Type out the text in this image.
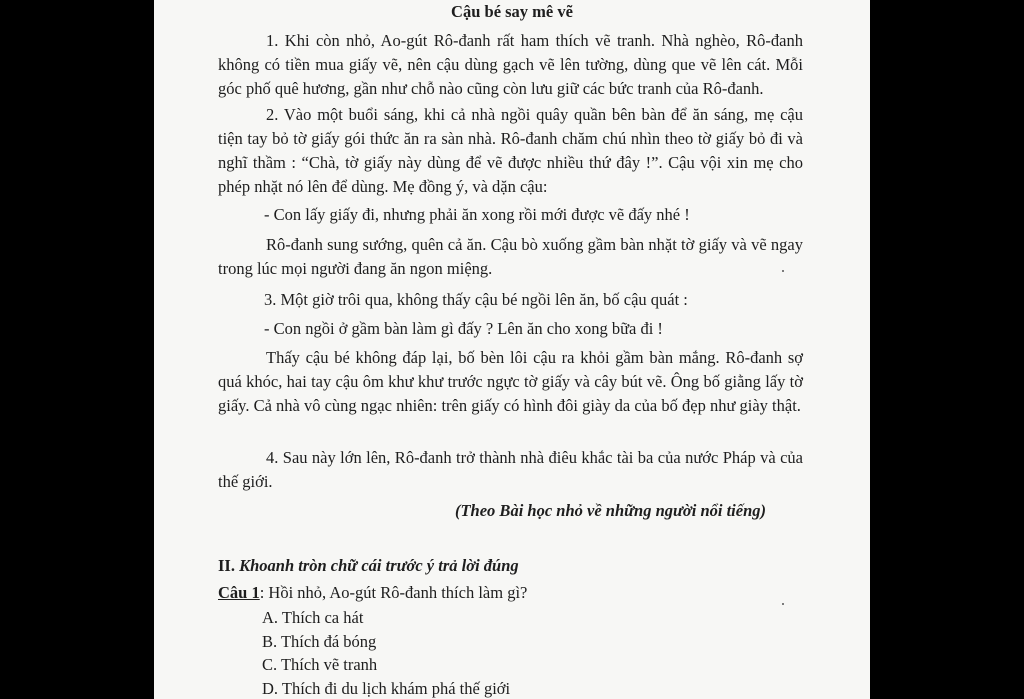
Cậu bé say mê vẽ

1. Khi còn nhỏ, Ao-gút Rô-đanh rất ham thích vẽ tranh. Nhà nghèo, Rô-đanh không có tiền mua giấy vẽ, nên cậu dùng gạch vẽ lên tường, dùng que vẽ lên cát. Mỗi góc phố quê hương, gần như chỗ nào cũng còn lưu giữ các bức tranh của Rô-đanh.

2. Vào một buổi sáng, khi cả nhà ngồi quây quần bên bàn để ăn sáng, mẹ cậu tiện tay bỏ tờ giấy gói thức ăn ra sàn nhà. Rô-đanh chăm chú nhìn theo tờ giấy bỏ đi và nghĩ thầm : “Chà, tờ giấy này dùng để vẽ được nhiều thứ đây !”. Cậu vội xin mẹ cho phép nhặt nó lên để dùng. Mẹ đồng ý, và dặn cậu:

- Con lấy giấy đi, nhưng phải ăn xong rồi mới được vẽ đấy nhé !

Rô-đanh sung sướng, quên cả ăn. Cậu bò xuống gầm bàn nhặt tờ giấy và vẽ ngay trong lúc mọi người đang ăn ngon miệng.

3. Một giờ trôi qua, không thấy cậu bé ngồi lên ăn, bố cậu quát :

- Con ngồi ở gầm bàn làm gì đấy ? Lên ăn cho xong bữa đi !

Thấy cậu bé không đáp lại, bố bèn lôi cậu ra khỏi gầm bàn mắng. Rô-đanh sợ quá khóc, hai tay cậu ôm khư khư trước ngực tờ giấy và cây bút vẽ. Ông bố giằng lấy tờ giấy. Cả nhà vô cùng ngạc nhiên: trên giấy có hình đôi giày da của bố đẹp như giày thật.

4. Sau này lớn lên, Rô-đanh trở thành nhà điêu khắc tài ba của nước Pháp và của thế giới.

(Theo Bài học nhỏ về những người nổi tiếng)
II. Khoanh tròn chữ cái trước ý trả lời đúng
Câu 1: Hồi nhỏ, Ao-gút Rô-đanh thích làm gì?
A. Thích ca hát
B. Thích đá bóng
C. Thích vẽ tranh
D. Thích đi du lịch khám phá thế giới
